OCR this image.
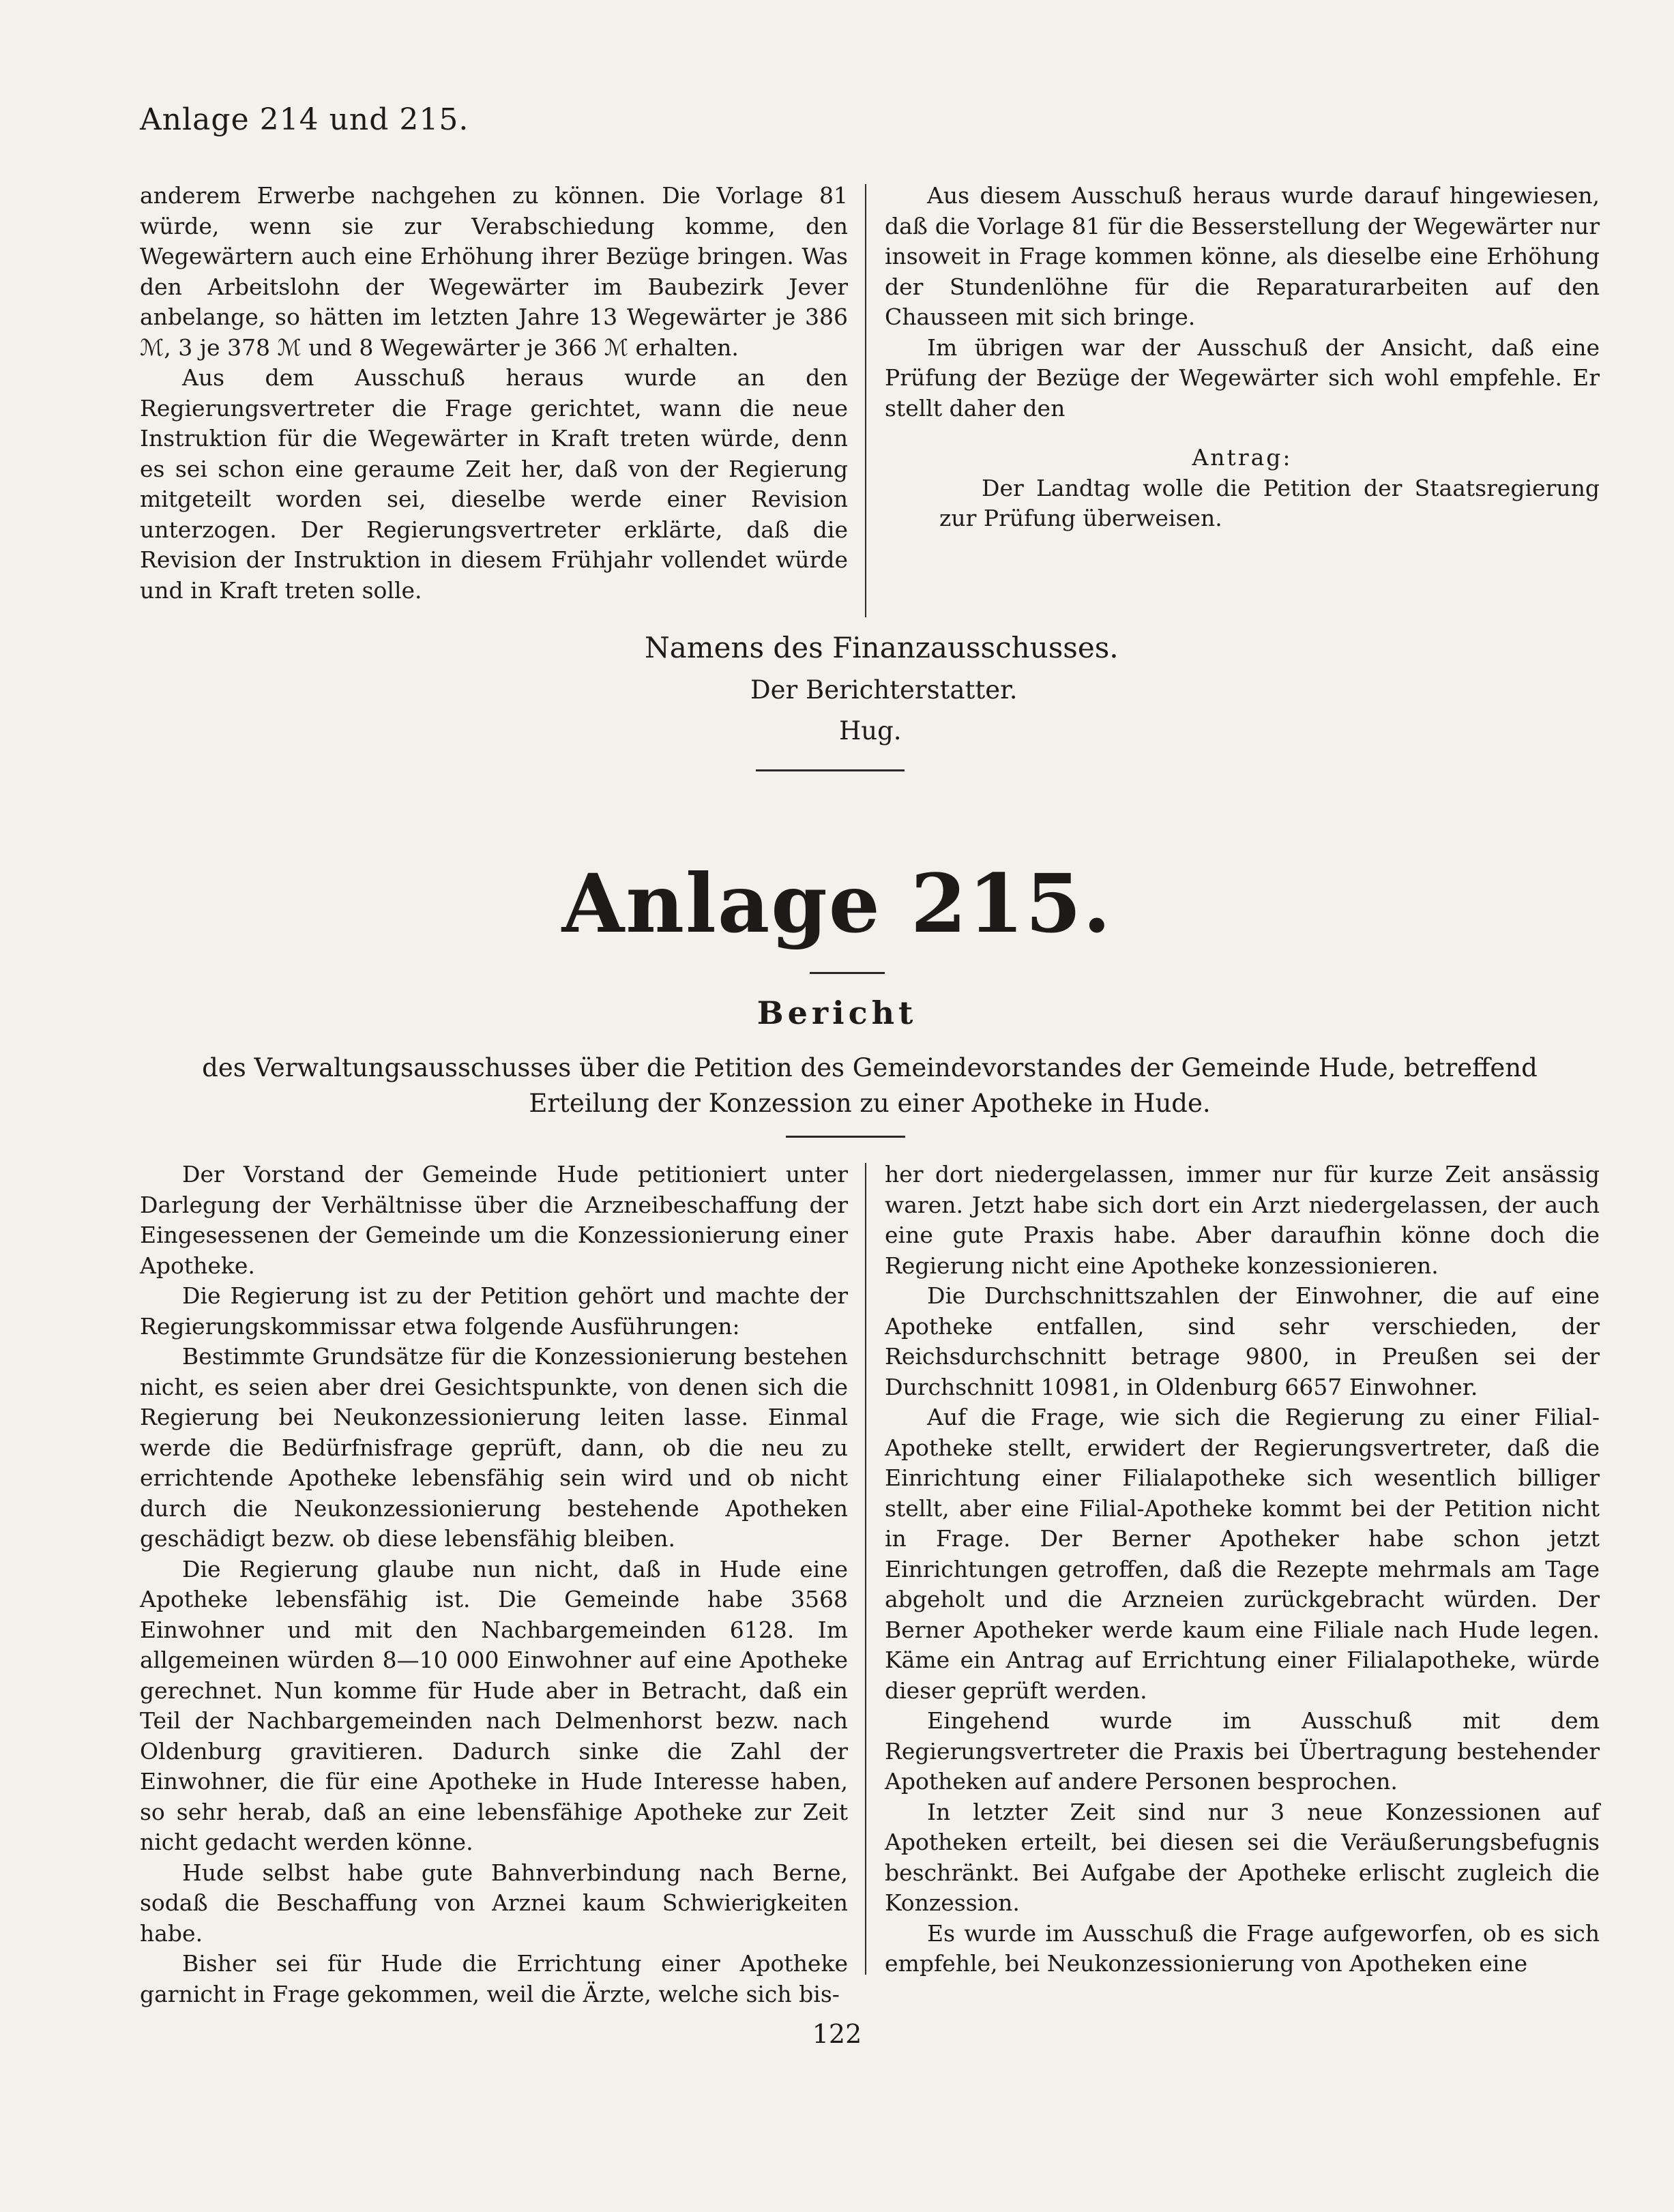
Anlage 214 und 215.

anderem Erwerbe nachgehen zu können. Die Vorlage 81 würde, wenn sie zur Verabschiedung komme, den Wegewärtern auch eine Erhöhung ihrer Bezüge bringen. Was den Arbeitslohn der Wegewärter im Baubezirk Jever anbelange, so hätten im letzten Jahre 13 Wegewärter je 386 ℳ, 3 je 378 ℳ und 8 Wegewärter je 366 ℳ erhalten.

Aus dem Ausschuß heraus wurde an den Regierungsvertreter die Frage gerichtet, wann die neue Instruktion für die Wegewärter in Kraft treten würde, denn es sei schon eine geraume Zeit her, daß von der Regierung mitgeteilt worden sei, dieselbe werde einer Revision unterzogen. Der Regierungsvertreter erklärte, daß die Revision der Instruktion in diesem Frühjahr vollendet würde und in Kraft treten solle.

Aus diesem Ausschuß heraus wurde darauf hingewiesen, daß die Vorlage 81 für die Besserstellung der Wegewärter nur insoweit in Frage kommen könne, als dieselbe eine Erhöhung der Stundenlöhne für die Reparaturarbeiten auf den Chausseen mit sich bringe.

Im übrigen war der Ausschuß der Ansicht, daß eine Prüfung der Bezüge der Wegewärter sich wohl empfehle. Er stellt daher den

Antrag:

Der Landtag wolle die Petition der Staatsregierung zur Prüfung überweisen.

Namens des Finanzausschusses.
Der Berichterstatter.
Hug.
Anlage 215.
Bericht
des Verwaltungsausschusses über die Petition des Gemeindevorstandes der Gemeinde Hude, betreffend Erteilung der Konzession zu einer Apotheke in Hude.

Der Vorstand der Gemeinde Hude petitioniert unter Darlegung der Verhältnisse über die Arzneibeschaffung der Eingesessenen der Gemeinde um die Konzessionierung einer Apotheke.

Die Regierung ist zu der Petition gehört und machte der Regierungskommissar etwa folgende Ausführungen:

Bestimmte Grundsätze für die Konzessionierung bestehen nicht, es seien aber drei Gesichtspunkte, von denen sich die Regierung bei Neukonzessionierung leiten lasse. Einmal werde die Bedürfnisfrage geprüft, dann, ob die neu zu errichtende Apotheke lebensfähig sein wird und ob nicht durch die Neukonzessionierung bestehende Apotheken geschädigt bezw. ob diese lebensfähig bleiben.

Die Regierung glaube nun nicht, daß in Hude eine Apotheke lebensfähig ist. Die Gemeinde habe 3568 Einwohner und mit den Nachbargemeinden 6128. Im allgemeinen würden 8—10 000 Einwohner auf eine Apotheke gerechnet. Nun komme für Hude aber in Betracht, daß ein Teil der Nachbargemeinden nach Delmenhorst bezw. nach Oldenburg gravitieren. Dadurch sinke die Zahl der Einwohner, die für eine Apotheke in Hude Interesse haben, so sehr herab, daß an eine lebensfähige Apotheke zur Zeit nicht gedacht werden könne.

Hude selbst habe gute Bahnverbindung nach Berne, sodaß die Beschaffung von Arznei kaum Schwierigkeiten habe.

Bisher sei für Hude die Errichtung einer Apotheke garnicht in Frage gekommen, weil die Ärzte, welche sich bis-

her dort niedergelassen, immer nur für kurze Zeit ansässig waren. Jetzt habe sich dort ein Arzt niedergelassen, der auch eine gute Praxis habe. Aber daraufhin könne doch die Regierung nicht eine Apotheke konzessionieren.

Die Durchschnittszahlen der Einwohner, die auf eine Apotheke entfallen, sind sehr verschieden, der Reichsdurchschnitt betrage 9800, in Preußen sei der Durchschnitt 10981, in Oldenburg 6657 Einwohner.

Auf die Frage, wie sich die Regierung zu einer Filial-Apotheke stellt, erwidert der Regierungsvertreter, daß die Einrichtung einer Filialapotheke sich wesentlich billiger stellt, aber eine Filial-Apotheke kommt bei der Petition nicht in Frage. Der Berner Apotheker habe schon jetzt Einrichtungen getroffen, daß die Rezepte mehrmals am Tage abgeholt und die Arzneien zurückgebracht würden. Der Berner Apotheker werde kaum eine Filiale nach Hude legen. Käme ein Antrag auf Errichtung einer Filialapotheke, würde dieser geprüft werden.

Eingehend wurde im Ausschuß mit dem Regierungsvertreter die Praxis bei Übertragung bestehender Apotheken auf andere Personen besprochen.

In letzter Zeit sind nur 3 neue Konzessionen auf Apotheken erteilt, bei diesen sei die Veräußerungsbefugnis beschränkt. Bei Aufgabe der Apotheke erlischt zugleich die Konzession.

Es wurde im Ausschuß die Frage aufgeworfen, ob es sich empfehle, bei Neukonzessionierung von Apotheken eine

122
